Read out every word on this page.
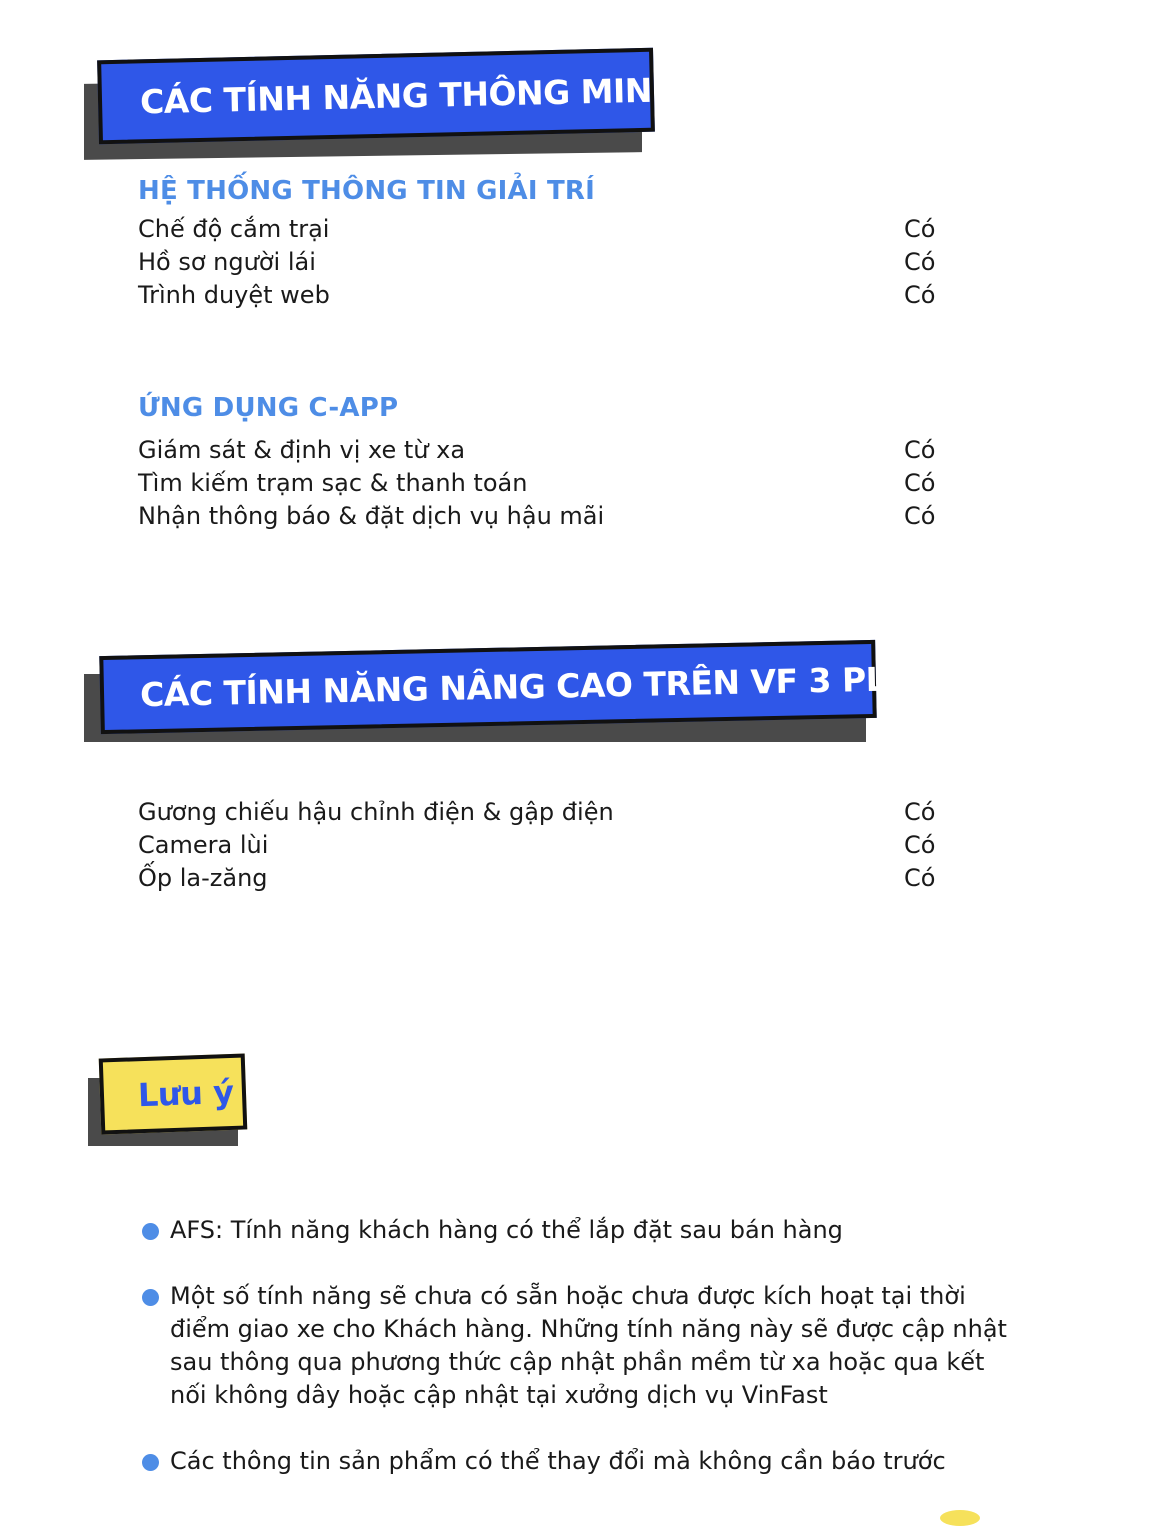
CÁC TÍNH NĂNG THÔNG MINH
HỆ THỐNG THÔNG TIN GIẢI TRÍ
Chế độ cắm trại	Có
Hồ sơ người lái	Có
Trình duyệt web	Có
ỨNG DỤNG C-APP
Giám sát & định vị xe từ xa	Có
Tìm kiếm trạm sạc & thanh toán	Có
Nhận thông báo & đặt dịch vụ hậu mãi	Có
CÁC TÍNH NĂNG NÂNG CAO TRÊN VF 3 PLUS
Gương chiếu hậu chỉnh điện & gập điện	Có
Camera lùi	Có
Ốp la-zăng	Có
Lưu ý
AFS: Tính năng khách hàng có thể lắp đặt sau bán hàng
Một số tính năng sẽ chưa có sẵn hoặc chưa được kích hoạt tại thời điểm giao xe cho Khách hàng. Những tính năng này sẽ được cập nhật sau thông qua phương thức cập nhật phần mềm từ xa hoặc qua kết nối không dây hoặc cập nhật tại xưởng dịch vụ VinFast
Các thông tin sản phẩm có thể thay đổi mà không cần báo trước
